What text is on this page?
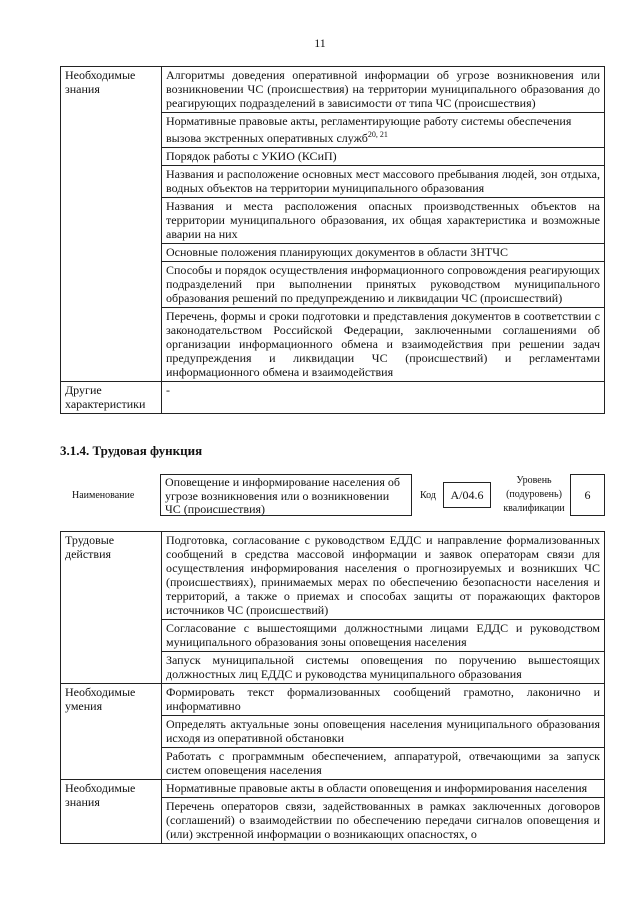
11
Необходимые знания	Алгоритмы доведения оперативной информации об угрозе возникновения или возникновении ЧС (происшествия) на территории муниципального образования до реагирующих подразделений в зависимости от типа ЧС (происшествия)
	Нормативные правовые акты, регламентирующие работу системы обеспечения вызова экстренных оперативных служб$^{20, 21}$
	Порядок работы с УКИО (КСиП)
	Названия и расположение основных мест массового пребывания людей, зон отдыха, водных объектов на территории муниципального образования
	Названия и места расположения опасных производственных объектов на территории муниципального образования, их общая характеристика и возможные аварии на них
	Основные положения планирующих документов в области ЗНТЧС
	Способы и порядок осуществления информационного сопровождения реагирующих подразделений при выполнении принятых руководством муниципального образования решений по предупреждению и ликвидации ЧС (происшествий)
	Перечень, формы и сроки подготовки и представления документов в соответствии с законодательством Российской Федерации, заключенными соглашениями об организации информационного обмена и взаимодействия при решении задач предупреждения и ликвидации ЧС (происшествий) и регламентами информационного обмена и взаимодействия
Другие характеристики	-
3.1.4. Трудовая функция
Наименование
Оповещение и информирование населения об угрозе возникновения или о возникновении ЧС (происшествия)
Код	А/04.6
Уровень (подуровень) квалификации
6
Трудовые действия	Подготовка, согласование с руководством ЕДДС и направление формализованных сообщений в средства массовой информации и заявок операторам связи для осуществления информирования населения о прогнозируемых и возникших ЧС (происшествиях), принимаемых мерах по обеспечению безопасности населения и территорий, а также о приемах и способах защиты от поражающих факторов источников ЧС (происшествий)
	Согласование с вышестоящими должностными лицами ЕДДС и руководством муниципального образования зоны оповещения населения
	Запуск муниципальной системы оповещения по поручению вышестоящих должностных лиц ЕДДС и руководства муниципального образования
Необходимые умения	Формировать текст формализованных сообщений грамотно, лаконично и информативно
	Определять актуальные зоны оповещения населения муниципального образования исходя из оперативной обстановки
	Работать с программным обеспечением, аппаратурой, отвечающими за запуск систем оповещения населения
Необходимые знания	Нормативные правовые акты в области оповещения и информирования населения
	Перечень операторов связи, задействованных в рамках заключенных договоров (соглашений) о взаимодействии по обеспечению передачи сигналов оповещения и (или) экстренной информации о возникающих опасностях, о
